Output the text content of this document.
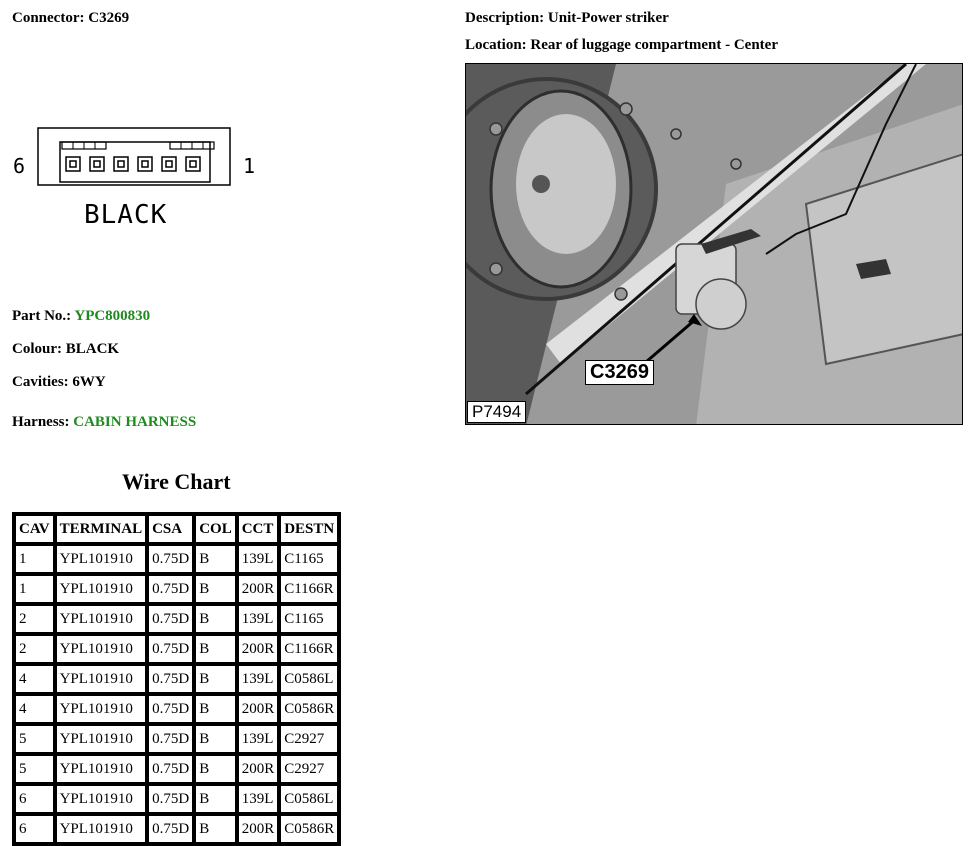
Connector: C3269	Description: Unit-Power striker
Location: Rear of luggage compartment - Center
6	1
BLACK
Part No.: YPC800830
Colour: BLACK
Cavities: 6WY
Harness: CABIN HARNESS
C3269
P7494
Wire Chart
CAV	TERMINAL	CSA	COL	CCT	DESTN
1	YPL101910	0.75D	B	139L	C1165
1	YPL101910	0.75D	B	200R	C1166R
2	YPL101910	0.75D	B	139L	C1165
2	YPL101910	0.75D	B	200R	C1166R
4	YPL101910	0.75D	B	139L	C0586L
4	YPL101910	0.75D	B	200R	C0586R
5	YPL101910	0.75D	B	139L	C2927
5	YPL101910	0.75D	B	200R	C2927
6	YPL101910	0.75D	B	139L	C0586L
6	YPL101910	0.75D	B	200R	C0586R
